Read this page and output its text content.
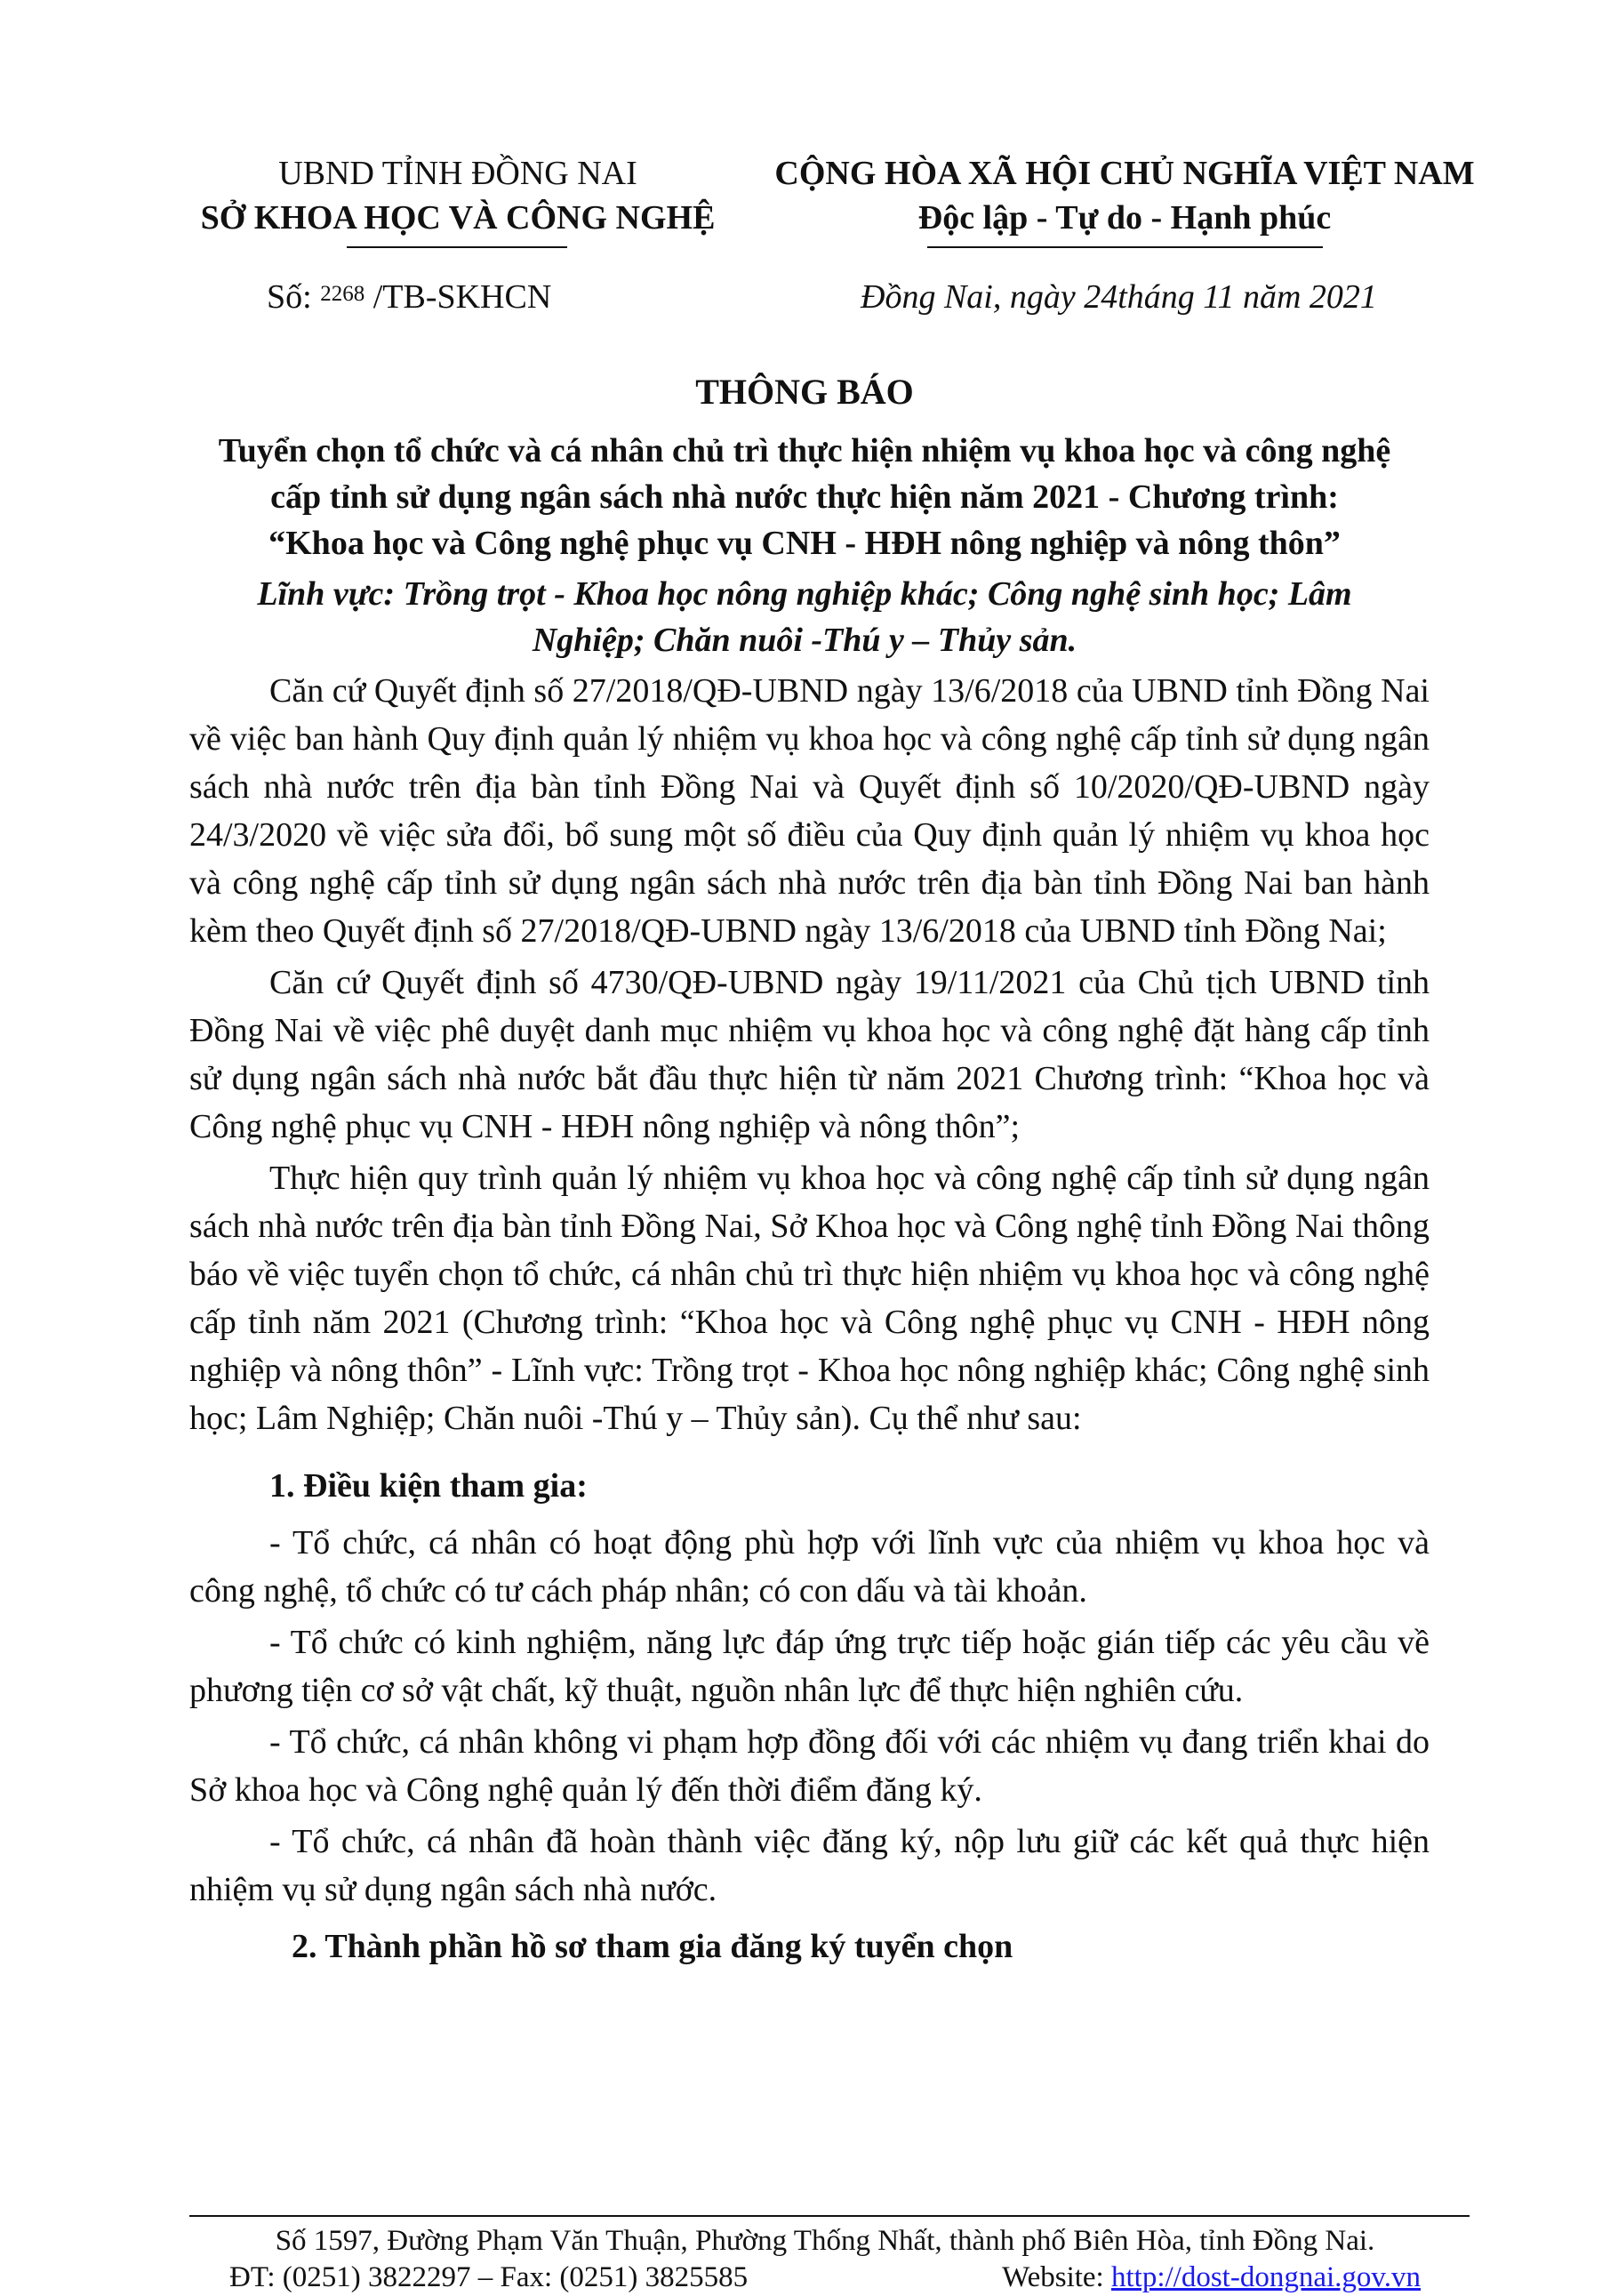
UBND TỈNH ĐỒNG NAI
SỞ KHOA HỌC VÀ CÔNG NGHỆ
CỘNG HÒA XÃ HỘI CHỦ NGHĨA VIỆT NAM
Độc lập - Tự do - Hạnh phúc
Số: $^{2268}$ /TB-SKHCN	Đồng Nai, ngày 24tháng 11 năm 2021
THÔNG BÁO
Tuyển chọn tổ chức và cá nhân chủ trì thực hiện nhiệm vụ khoa học và công nghệ
cấp tỉnh sử dụng ngân sách nhà nước thực hiện năm 2021 - Chương trình:
“Khoa học và Công nghệ phục vụ CNH - HĐH nông nghiệp và nông thôn”
Lĩnh vực: Trồng trọt - Khoa học nông nghiệp khác; Công nghệ sinh học; Lâm
Nghiệp; Chăn nuôi -Thú y – Thủy sản.

Căn cứ Quyết định số 27/2018/QĐ-UBND ngày 13/6/2018 của UBND tỉnh Đồng Nai về việc ban hành Quy định quản lý nhiệm vụ khoa học và công nghệ cấp tỉnh sử dụng ngân sách nhà nước trên địa bàn tỉnh Đồng Nai và Quyết định số 10/2020/QĐ-UBND ngày 24/3/2020 về việc sửa đổi, bổ sung một số điều của Quy định quản lý nhiệm vụ khoa học và công nghệ cấp tỉnh sử dụng ngân sách nhà nước trên địa bàn tỉnh Đồng Nai ban hành kèm theo Quyết định số 27/2018/QĐ-UBND ngày 13/6/2018 của UBND tỉnh Đồng Nai;

Căn cứ Quyết định số 4730/QĐ-UBND ngày 19/11/2021 của Chủ tịch UBND tỉnh Đồng Nai về việc phê duyệt danh mục nhiệm vụ khoa học và công nghệ đặt hàng cấp tỉnh sử dụng ngân sách nhà nước bắt đầu thực hiện từ năm 2021 Chương trình: “Khoa học và Công nghệ phục vụ CNH - HĐH nông nghiệp và nông thôn”;

Thực hiện quy trình quản lý nhiệm vụ khoa học và công nghệ cấp tỉnh sử dụng ngân sách nhà nước trên địa bàn tỉnh Đồng Nai, Sở Khoa học và Công nghệ tỉnh Đồng Nai thông báo về việc tuyển chọn tổ chức, cá nhân chủ trì thực hiện nhiệm vụ khoa học và công nghệ cấp tỉnh năm 2021 (Chương trình: “Khoa học và Công nghệ phục vụ CNH - HĐH nông nghiệp và nông thôn” - Lĩnh vực: Trồng trọt - Khoa học nông nghiệp khác; Công nghệ sinh học; Lâm Nghiệp; Chăn nuôi -Thú y – Thủy sản). Cụ thể như sau:

1. Điều kiện tham gia:

- Tổ chức, cá nhân có hoạt động phù hợp với lĩnh vực của nhiệm vụ khoa học và công nghệ, tổ chức có tư cách pháp nhân; có con dấu và tài khoản.

- Tổ chức có kinh nghiệm, năng lực đáp ứng trực tiếp hoặc gián tiếp các yêu cầu về phương tiện cơ sở vật chất, kỹ thuật, nguồn nhân lực để thực hiện nghiên cứu.

- Tổ chức, cá nhân không vi phạm hợp đồng đối với các nhiệm vụ đang triển khai do Sở khoa học và Công nghệ quản lý đến thời điểm đăng ký.

- Tổ chức, cá nhân đã hoàn thành việc đăng ký, nộp lưu giữ các kết quả thực hiện nhiệm vụ sử dụng ngân sách nhà nước.

2. Thành phần hồ sơ tham gia đăng ký tuyển chọn

Số 1597, Đường Phạm Văn Thuận, Phường Thống Nhất, thành phố Biên Hòa, tỉnh Đồng Nai.
ĐT: (0251) 3822297 – Fax: (0251) 3825585	Website: http://dost-dongnai.gov.vn
